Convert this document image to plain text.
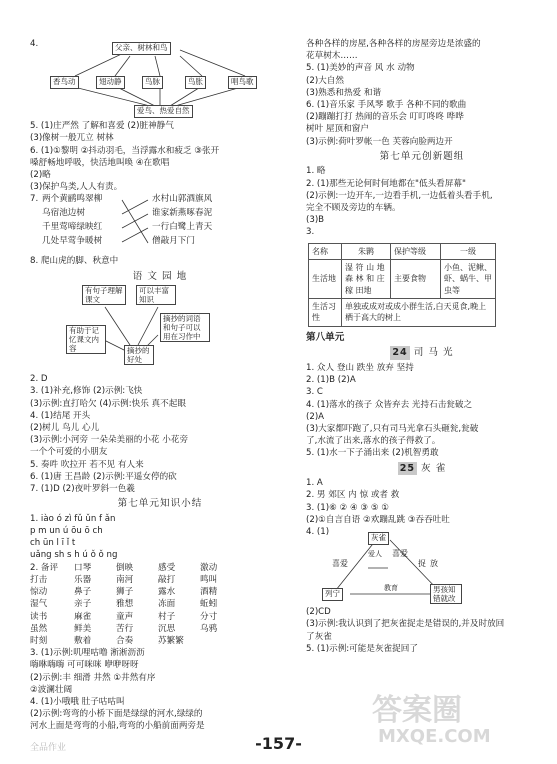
4.	父亲、树林和鸟
香鸟动	翅动静	鸟脉	鸟胀	唱鸟歌
爱鸟、热爱自然
5. (1)庄严然 了解和喜爱 (2)脏神静气
(3)像树一般兀立 树林
6. (1)①黎明 ②抖动羽毛，当浮露水和疲乏 ③张开
嗓舒畅地呼吸，快活地叫唤 ④在歌唱
(2)略
(3)保护鸟类,人人有责。
7. 两个黄鹂鸣翠柳
乌宿池边树
千里莺啼绿映红
几处早莺争暖树
水村山郭酒旗风
谁家新燕啄春泥
一行白鹭上青天
僧敲月下门
8. 爬山虎的脚、秋意中
语 文 园 地
有句子理解课文
可以丰富知识
有助于记忆课文内容
摘抄的词语和句子可以用在习作中
摘抄的好处
2. D
3. (1)补充,修饰 (2)示例:飞快
(3)示例:直打哈欠 (4)示例:快乐 真不起眼
4. (1)结尾 开头
(2)树儿 鸟儿 心儿
(3)示例:小河旁 一朵朵美丽的小花 小花旁
一个个可爱的小朋友
5. 奏吽 吹拉开 若不见 有人来
6. (1)唐 王昌龄 (2)示例:平遥女停的砍
7. (1)D (2)夜叶罗斜一色羲
第七单元知识小结
1. iào ó zì fǔ ǔn f ǎn
p m un ú ōu ō ch
ch ūn l ī ǐ t
uǎng sh s h ú ǒ ǒ ng
2. 备评 口琴	倒映	感受	激动
打击	乐器	南河	敲打	鸣叫
惊动	鼻子	狮子	露水	酒精
湿气	亲子	雅想	冻面	蚯蚓
读书	麻雀	童声	村子	分寸
虽然	鲜美	苦行	沉思	乌鸦
时刻	敷着	合奏	苏繁繁
3. (1)示例:叽哩咕噜 淅淅沥沥
嗨咻嗨嗨 可可咪咪 咿咿呀呀
(2)示例:丰 细滑 井然 ①井然有序
②波澜壮阔
4. (1)小哦哦 肚子咕咕叫
(2)示例:弯弯的小桥下面是绿绿的河水,绿绿的
河水上面是弯弯的小船,弯弯的小船前面两旁是
各种各样的房屋,各种各样的房屋旁边是浓盛的
花草树木……
5. (1)美妙的声音 风 水 动物
(2)大自然
(3)熟悉和热爱 和谐
6. (1)音乐家 手风琴 歌手 各种不同的歌曲
(2)蹦蹦打打 热闹的音乐会 叮叮咚咚 哗哗
树叶 屋顶和窗户
(3)示例:荷叶罗帐一色 芙蓉向脸两边开
第七单元创新题组
1. 略
2. (1)那些无论何时何地都在"低头看屏幕"
(2)示例:一边开车,一边看手机,一边低着头看手机,
完全不顾及旁边的车辆。
(3)B
3.
名称	朱鹮	保护等级	一级
生活地	湿 符 山 地森 林 和 庄稼 田地	主要食物	小鱼、泥鳅、虾、蜗牛、甲虫等
生活习性	单独或成对或成小群生活,白天觅食,晚上栖于高大的树上		
第八单元
24 司 马 光
1. 众人 登山 跌坐 放弃 坚持
2. (1)B (2)A
3. C
4. (1)落水的孩子 众皆弃去 光持石击瓮破之
(2)A
(3)大家都吓跑了,只有司马光拿石头砸瓮,瓮破
了,水流了出来,落水的孩子得救了。
5. (1)水一下子涌出来 (2)机智勇敢
25 灰 雀
1. A
2. 男 郊区 内 惊 或者 救
3. (1)⑥ ② ④ ③ ⑤ ①
(2)①自言自语 ②欢蹦乱跳 ③吞吞吐吐
4. (1)
灰雀
喜爱
爱人 喜爱
捉 放
列宁
教育	男孩知错就改
(2)CD
(3)示例:我认识到了把灰雀捉走是错误的,并及时放回
了灰雀
5. (1)示例:可能是灰雀捉回了
-157-
全品作业
答案圈
MXQE.COM
